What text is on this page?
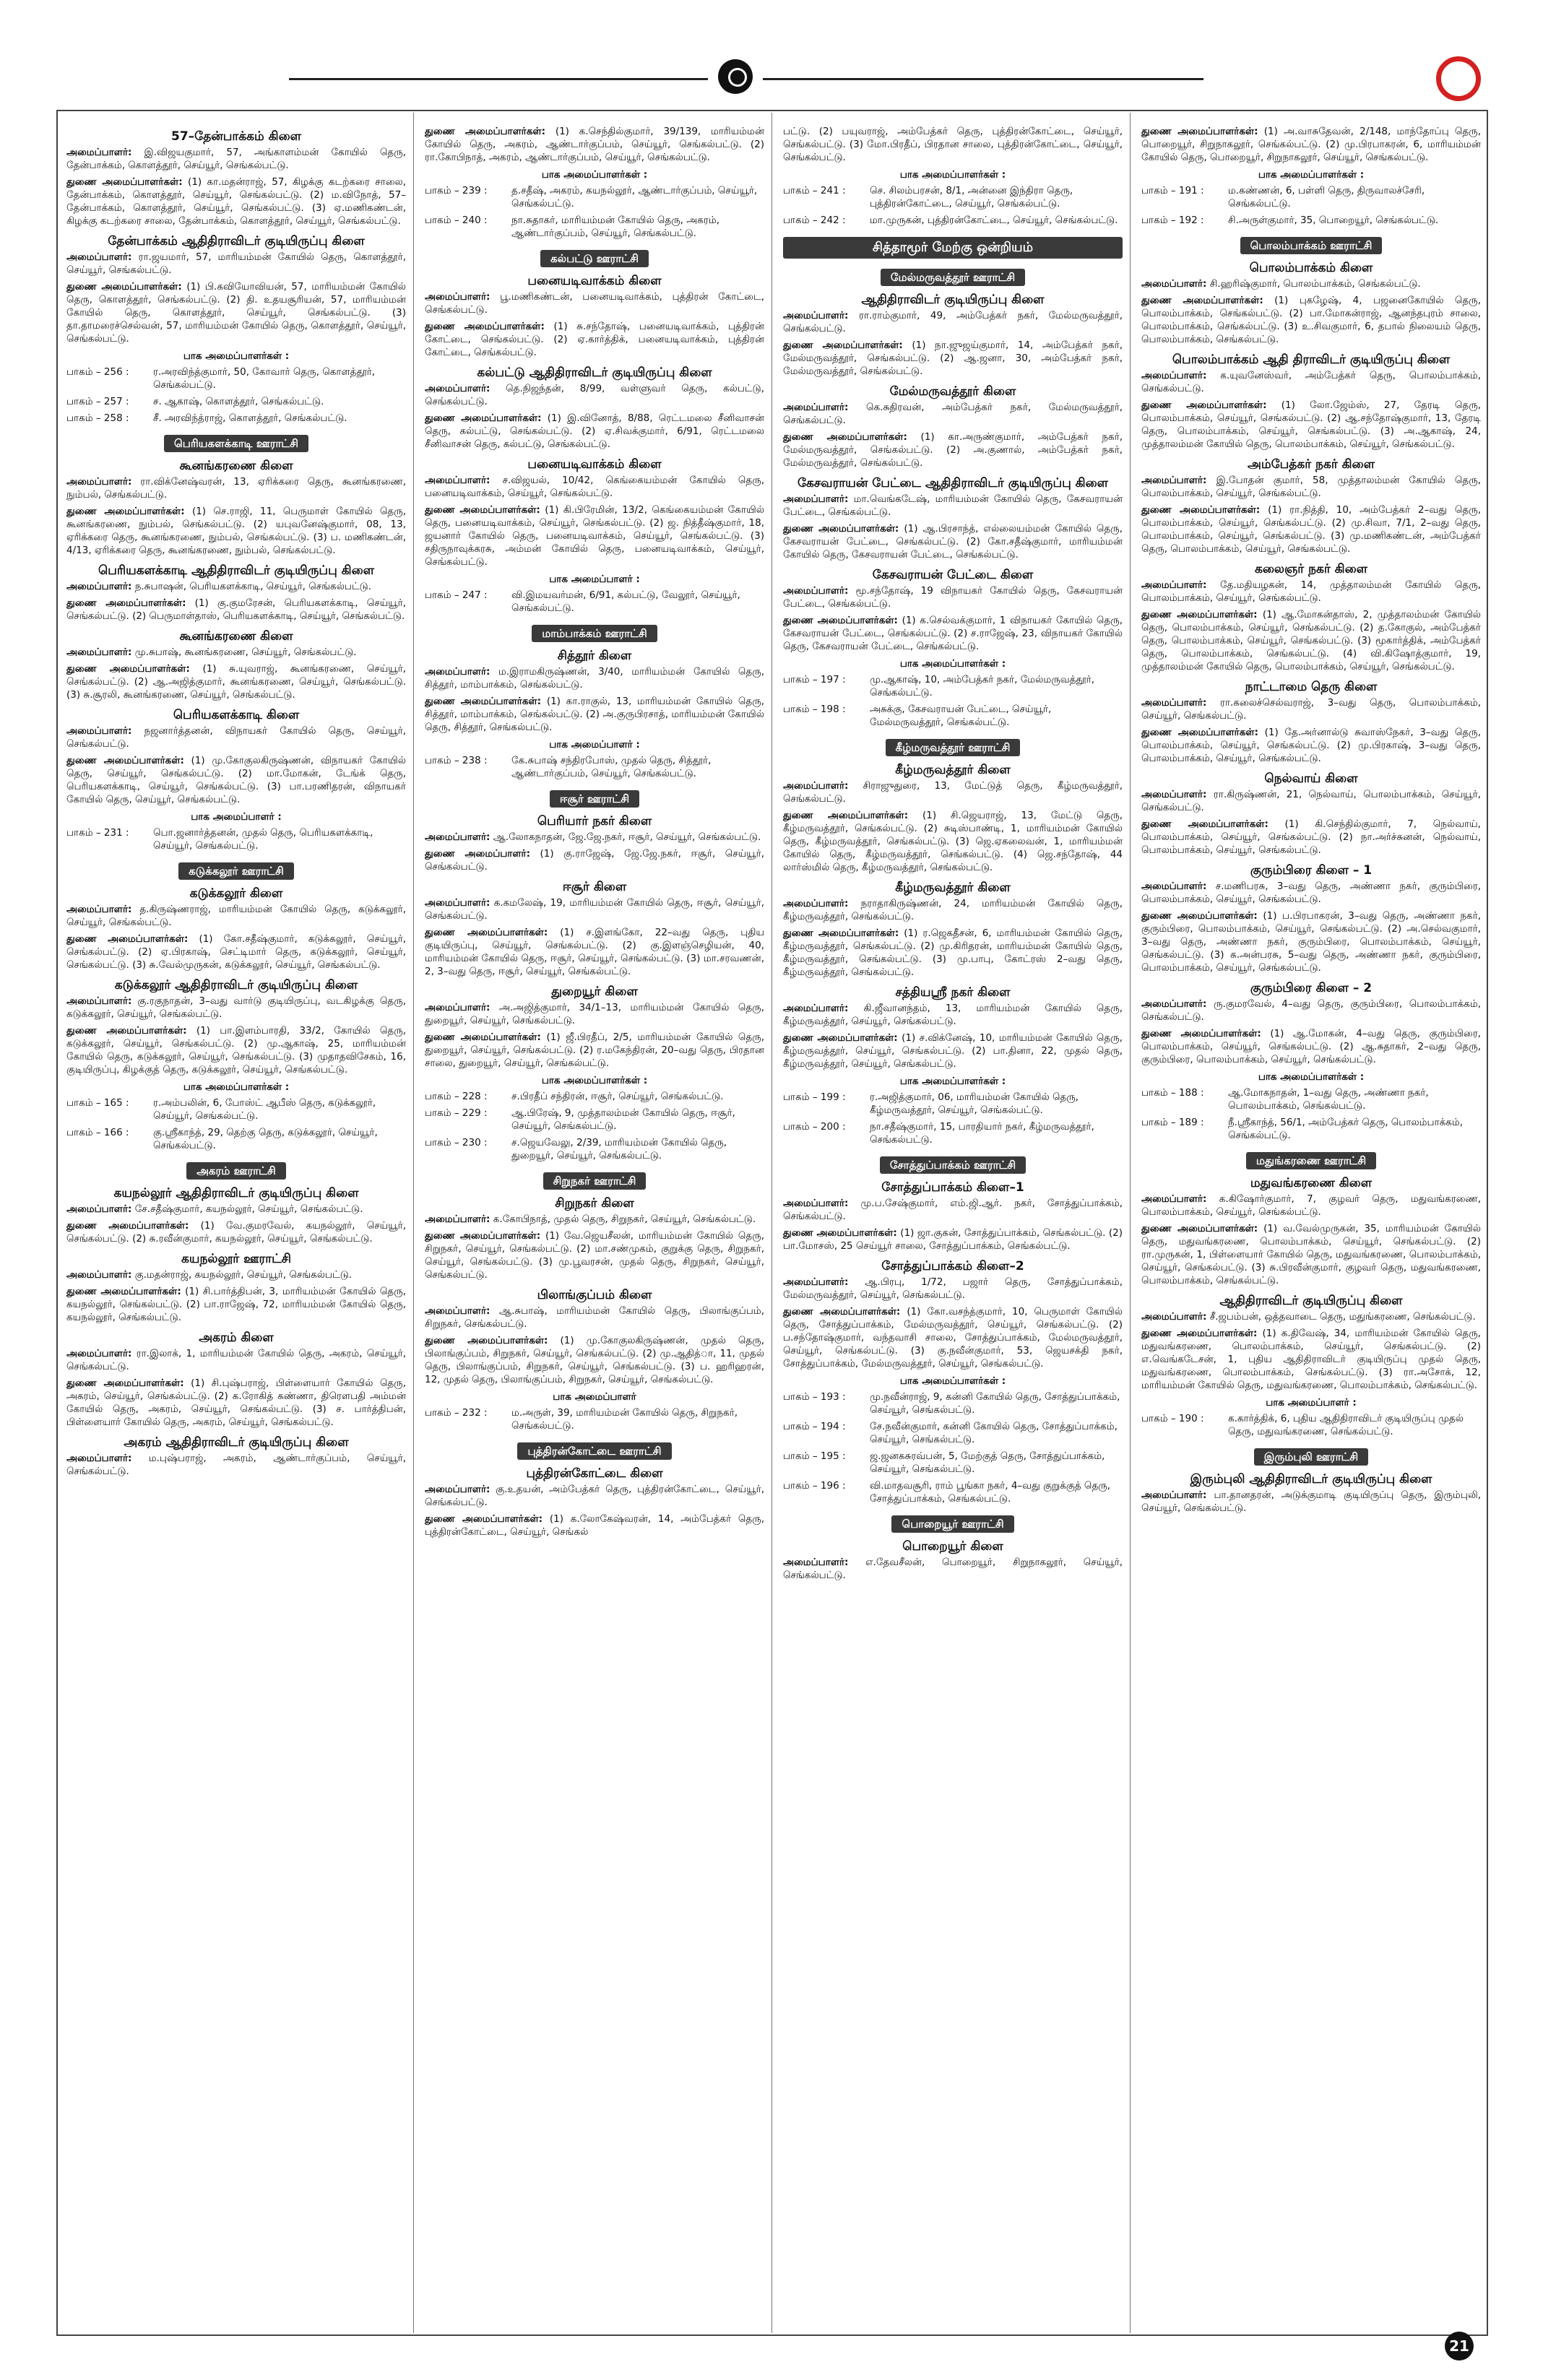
57–தேன்பாக்கம் கிளை

அமைப்பாளர்: இ.விஜயகுமார், 57, அங்காளம்மன் கோயில் தெரு, தேன்பாக்கம், கொளத்தூர், செய்யூர், செங்கல்பட்டு.

துணை அமைப்பாளர்கள்: (1) கா.மதன்ராஜ், 57, கிழக்கு கடற்கரை சாலை, தேன்பாக்கம், கொளத்தூர், செய்யூர், செங்கல்பட்டு. (2) ம.விநோத், 57–தேன்பாக்கம், கொளத்தூர், செய்யூர், செங்கல்பட்டு. (3) ஏ.மணிகண்டன், கிழக்கு கடற்கரை சாலை, தேன்பாக்கம், கொளத்தூர், செய்யூர், செங்கல்பட்டு.

தேன்பாக்கம் ஆதிதிராவிடர் குடியிருப்பு கிளை

அமைப்பாளர்: ரா.ஜயமார், 57, மாரியம்மன் கோயில் தெரு, கொளத்தூர், செய்யூர், செங்கல்பட்டு.

துணை அமைப்பாளர்கள்: (1) பி.கவியோவியன், 57, மாரியம்மன் கோயில் தெரு, கொளத்தூர், செங்கல்பட்டு. (2) தி. உதயசூரியன், 57, மாரியம்மன் கோயில் தெரு, கொளத்தூர், செய்யூர், செங்கல்பட்டு. (3) தா.தாமரைச்செல்வன், 57, மாரியம்மன் கோயில் தெரு, கொளத்தூர், செய்யூர், செங்கல்பட்டு.

பாக அமைப்பாளர்கள் :
பாகம் – 256 :	ர.அரவிந்த்குமார், 50, கோவார் தெரு, கொளத்தூர், செங்கல்பட்டு.
பாகம் – 257 :	ச. ஆகாஷ், கொளத்தூர், செங்கல்பட்டு.
பாகம் – 258 :	சீ. அரவிந்த்ராஜ், கொளத்தூர், செங்கல்பட்டு.
பெரியகளக்காடி ஊராட்சி
கூனங்கரணை கிளை

அமைப்பாளர்: ரா.விக்னேஷ்வரன், 13, ஏரிக்கரை தெரு, கூனங்கரணை, நும்பல், செங்கல்பட்டு.

துணை அமைப்பாளர்கள்: (1) செ.ராஜி, 11, பெருமாள் கோயில் தெரு, கூனங்கரணை, நும்பல், செங்கல்பட்டு. (2) யபுவனேஷ்குமார், 08, 13, ஏரிக்கரை தெரு, கூனங்கரணை, நும்பல், செங்கல்பட்டு. (3) ப. மணிகண்டன், 4/13, ஏரிக்கரை தெரு, கூனங்கரணை, நும்பல், செங்கல்பட்டு.

பெரியகளக்காடி ஆதிதிராவிடர் குடியிருப்பு கிளை

அமைப்பாளர்: ந.சுபாஷன், பெரியகளக்காடி, செய்யூர், செங்கல்பட்டு.

துணை அமைப்பாளர்கள்: (1) கு.குமரேசன், பெரியகளக்காடி, செய்யூர், செங்கல்பட்டு. (2) பெருமாள்தாஸ், பெரியகளக்காடி, செய்யூர், செங்கல்பட்டு.

கூனங்கரணை கிளை

அமைப்பாளர்: மு.சுபாஷ், கூனங்கரணை, செய்யூர், செங்கல்பட்டு.

துணை அமைப்பாளர்கள்: (1) சு.யுவராஜ், கூனங்கரணை, செய்யூர், செங்கல்பட்டு. (2) ஆ.அஜித்குமார், கூனங்கரணை, செய்யூர், செங்கல்பட்டு. (3) சு.சூரலி, கூனங்கரணை, செய்யூர், செங்கல்பட்டு.

பெரியகளக்காடி கிளை

அமைப்பாளர்: நஜனார்த்தனன், விநாயகர் கோயில் தெரு, செய்யூர், செங்கல்பட்டு.

துணை அமைப்பாளர்கள்: (1) மு.கோகுலகிருஷ்ணன், விநாயகர் கோயில் தெரு, செய்யூர், செங்கல்பட்டு. (2) மா.மோகன், டேங்க் தெரு, பெரியகளக்காடி, செய்யூர், செங்கல்பட்டு. (3) பா.பரணிதரன், விநாயகர் கோயில் தெரு, செய்யூர், செங்கல்பட்டு.

பாக அமைப்பாளர் :
பாகம் – 231 :	பொ.ஜனார்த்தனன், முதல் தெரு, பெரியகளக்காடி, செய்யூர், செங்கல்பட்டு.
கடுக்கலூர் ஊராட்சி
கடுக்கலூர் கிளை

அமைப்பாளர்: த.கிருஷ்ணராஜ், மாரியம்மன் கோயில் தெரு, கடுக்கலூர், செய்யூர், செங்கல்பட்டு.

துணை அமைப்பாளர்கள்: (1) கோ.சதீஷ்குமார், கடுக்கலூர், செய்யூர், செங்கல்பட்டு. (2) ஏ.பிரகாஷ், செட்டிமார் தெரு, கடுக்கலூர், செய்யூர், செங்கல்பட்டு. (3) சு.வேல்முருகன், கடுக்கலூர், செய்யூர், செங்கல்பட்டு.

கடுக்கலூர் ஆதிதிராவிடர் குடியிருப்பு கிளை

அமைப்பாளர்: கு.ரகுநாதன், 3–வது வார்டு குடியிருப்பு, வடகிழக்கு தெரு, கடுக்கலூர், செய்யூர், செங்கல்பட்டு.

துணை அமைப்பாளர்கள்: (1) பா.இளம்பாரதி, 33/2, கோயில் தெரு, கடுக்கலூர், செய்யூர், செங்கல்பட்டு. (2) மு.ஆகாஷ், 25, மாரியம்மன் கோயில் தெரு, கடுக்கலூர், செய்யூர், செங்கல்பட்டு. (3) முதாதவிசேகம், 16, குடியிருப்பு, கிழக்குத் தெரு, கடுக்கலூர், செய்யூர், செங்கல்பட்டு.

பாக அமைப்பாளர்கள் :
பாகம் – 165 :	ர.அம்பலின், 6, போஸ்ட் ஆபீஸ் தெரு, கடுக்கலூர், செய்யூர், செங்கல்பட்டு.
பாகம் – 166 :	கு.ஸ்ரீகாந்த், 29, தெற்கு தெரு, கடுக்கலூர், செய்யூர், செங்கல்பட்டு.
அகரம் ஊராட்சி
கயநல்லூர் ஆதிதிராவிடர் குடியிருப்பு கிளை

அமைப்பாளர்: சே.சதீஷ்குமார், கயநல்லூர், செய்யூர், செங்கல்பட்டு.

துணை அமைப்பாளர்கள்: (1) வே.குமரவேல், கயநல்லூர், செய்யூர், செங்கல்பட்டு. (2) சு.ரவீன்குமார், கயநல்லூர், செய்யூர், செங்கல்பட்டு.

கயநல்லூர் ஊராட்சி

அமைப்பாளர்: கு.மதன்ராஜ், கயநல்லூர், செய்யூர், செங்கல்பட்டு.

துணை அமைப்பாளர்கள்: (1) சி.பார்த்திபன், 3, மாரியம்மன் கோயில் தெரு, கயநல்லூர், செங்கல்பட்டு. (2) பா.ராஜேஷ், 72, மாரியம்மன் கோயில் தெரு, கயநல்லூர், செங்கல்பட்டு.

அகரம் கிளை

அமைப்பாளர்: ரா.இலாக், 1, மாரியம்மன் கோயில் தெரு, அகரம், செய்யூர், செங்கல்பட்டு.

துணை அமைப்பாளர்கள்: (1) சி.புஷ்பராஜ், பிள்ளையார் கோயில் தெரு, அகரம், செய்யூர், செங்கல்பட்டு. (2) க.ரோகித் கண்ணா, திரௌபதி அம்மன் கோயில் தெரு, அகரம், செய்யூர், செங்கல்பட்டு. (3) ச. பார்த்திபன், பிள்ளையார் கோயில் தெரு, அகரம், செய்யூர், செங்கல்பட்டு.

அகரம் ஆதிதிராவிடர் குடியிருப்பு கிளை

அமைப்பாளர்: ம.புஷ்பராஜ், அகரம், ஆண்டார்குப்பம், செய்யூர், செங்கல்பட்டு.

துணை அமைப்பாளர்கள்: (1) க.செந்தில்குமார், 39/139, மாரியம்மன் கோயில் தெரு, அகரம், ஆண்டார்குப்பம், செய்யூர், செங்கல்பட்டு. (2) ரா.கோபிநாத், அகரம், ஆண்டார்குப்பம், செய்யூர், செங்கல்பட்டு.

பாக அமைப்பாளர்கள் :
பாகம் – 239 :	த.சதீஷ், அகரம், கயநல்லூர், ஆண்டார்குப்பம், செய்யூர், செங்கல்பட்டு.
பாகம் – 240 :	நா.சுதாகர், மாரியம்மன் கோயில் தெரு, அகரம், ஆண்டார்குப்பம், செய்யூர், செங்கல்பட்டு.
கல்பட்டு ஊராட்சி
பனையடிவாக்கம் கிளை

அமைப்பாளர்: பூ.மணிகண்டன், பனையடிவாக்கம், புத்திரன் கோட்டை, செங்கல்பட்டு.

துணை அமைப்பாளர்கள்: (1) சு.சந்தோஷ், பனையடிவாக்கம், புத்திரன் கோட்டை, செங்கல்பட்டு. (2) ஏ.கார்த்திக், பனையடிவாக்கம், புத்திரன் கோட்டை, செங்கல்பட்டு.

கல்பட்டு ஆதிதிராவிடர் குடியிருப்பு கிளை

அமைப்பாளர்: தெ.நிஜந்தன், 8/99, வள்ளுவர் தெரு, கல்பட்டு, செங்கல்பட்டு.

துணை அமைப்பாளர்கள்: (1) இ.வினோத், 8/88, ரெட்டமலை சீனிவாசன் தெரு, கல்பட்டு, செங்கல்பட்டு. (2) ஏ.சிவக்குமார், 6/91, ரெட்டமலை சீனிவாசன் தெரு, கல்பட்டு, செங்கல்பட்டு.

பனையடிவாக்கம் கிளை

அமைப்பாளர்: ச.விஜயல், 10/42, கெங்கையம்மன் கோயில் தெரு, பனையடிவாக்கம், செய்யூர், செங்கல்பட்டு.

துணை அமைப்பாளர்கள்: (1) கி.பிரேமின், 13/2, கெங்கையம்மன் கோயில் தெரு, பனையடிவாக்கம், செய்யூர், செங்கல்பட்டு. (2) ஜ. நித்தீஷ்குமார், 18, ஜயனார் கோயில் தெரு, பனையடிவாக்கம், செய்யூர், செங்கல்பட்டு. (3) சதிருநாவுக்கரசு, அம்மன் கோயில் தெரு, பனையடிவாக்கம், செய்யூர், செங்கல்பட்டு.

பாக அமைப்பாளர் :
பாகம் – 247 :	வி.இமயவர்மன், 6/91, கல்பட்டு, வேலூர், செய்யூர், செங்கல்பட்டு.
மாம்பாக்கம் ஊராட்சி
சித்தூர் கிளை

அமைப்பாளர்: ம.இராமகிருஷ்ணன், 3/40, மாரியம்மன் கோயில் தெரு, சித்தூர், மாம்பாக்கம், செங்கல்பட்டு.

துணை அமைப்பாளர்கள்: (1) கா.ராகுல், 13, மாரியம்மன் கோயில் தெரு, சித்தூர், மாம்பாக்கம், செங்கல்பட்டு. (2) அ.குருபிரசாத், மாரியம்மன் கோயில் தெரு, சித்தூர், செங்கல்பட்டு.

பாக அமைப்பாளர் :
பாகம் – 238 :	கே.சுபாஷ் சந்திரபோஸ், முதல் தெரு, சித்தூர், ஆண்டார்குப்பம், செய்யூர், செங்கல்பட்டு.
ஈசூர் ஊராட்சி
பெரியார் நகர் கிளை

அமைப்பாளர்: ஆ.லோகநாதன், ஜே.ஜே.நகர், ஈசூர், செய்யூர், செங்கல்பட்டு.

துணை அமைப்பாளர்: (1) கு.ராஜேஷ், ஜே.ஜே.நகர், ஈசூர், செய்யூர், செங்கல்பட்டு.

ஈசூர் கிளை

அமைப்பாளர்: க.கமலேஷ், 19, மாரியம்மன் கோயில் தெரு, ஈசூர், செய்யூர், செங்கல்பட்டு.

துணை அமைப்பாளர்கள்: (1) ச.இளங்கோ, 22–வது தெரு, புதிய குடியிருப்பு, செய்யூர், செங்கல்பட்டு. (2) கு.இளஞ்செழியன், 40, மாரியம்மன் கோயில் தெரு, ஈசூர், செய்யூர், செங்கல்பட்டு. (3) மா.சரவணன், 2, 3–வது தெரு, ஈசூர், செய்யூர், செங்கல்பட்டு.

துறையூர் கிளை

அமைப்பாளர்: அ.அஜித்குமார், 34/1–13, மாரியம்மன் கோயில் தெரு, துறையூர், செய்யூர், செங்கல்பட்டு.

துணை அமைப்பாளர்கள்: (1) ஜீ.பிரதீப், 2/5, மாரியம்மன் கோயில் தெரு, துறையூர், செய்யூர், செங்கல்பட்டு. (2) ர.மகேந்திரன், 20–வது தெரு, பிரதான சாலை, துறையூர், செய்யூர், செங்கல்பட்டு.

பாக அமைப்பாளர்கள் :
பாகம் – 228 :	ச.பிரதீப் சந்திரன், ஈசூர், செய்யூர், செங்கல்பட்டு.
பாகம் – 229 :	ஆ.பிரேஷ், 9, முத்தாலம்மன் கோயில் தெரு, ஈசூர், செய்யூர், செங்கல்பட்டு.
பாகம் – 230 :	ச.ஜெயவேலு, 2/39, மாரியம்மன் கோயில் தெரு, துறையூர், செய்யூர், செங்கல்பட்டு.
சிறுநகர் ஊராட்சி
சிறுநகர் கிளை

அமைப்பாளர்: க.கோபிநாத், முதல் தெரு, சிறுநகர், செய்யூர், செங்கல்பட்டு.

துணை அமைப்பாளர்கள்: (1) வே.ஜெயசீலன், மாரியம்மன் கோயில் தெரு, சிறுநகர், செய்யூர், செங்கல்பட்டு. (2) மா.சண்முகம், குறுக்கு தெரு, சிறுநகர், செய்யூர், செங்கல்பட்டு. (3) மு.பூவரசன், முதல் தெரு, சிறுநகர், செய்யூர், செங்கல்பட்டு.

பிலாங்குப்பம் கிளை

அமைப்பாளர்: ஆ.சுபாஷ், மாரியம்மன் கோயில் தெரு, பிலாங்குப்பம், சிறுநகர், செங்கல்பட்டு.

துணை அமைப்பாளர்கள்: (1) மு.கோகுலகிருஷ்ணன், முதல் தெரு, பிலாங்குப்பம், சிறுநகர், செய்யூர், செங்கல்பட்டு. (2) மு.ஆதித்ா, 11, முதல் தெரு, பிலாங்குப்பம், சிறுநகர், செய்யூர், செங்கல்பட்டு. (3) ப. ஹரிஹரன், 12, முதல் தெரு, பிலாங்குப்பம், சிறுநகர், செய்யூர், செங்கல்பட்டு.

பாக அமைப்பாளர்
பாகம் – 232 :	ம.அருள், 39, மாரியம்மன் கோயில் தெரு, சிறுநகர், செங்கல்பட்டு.
புத்திரன்கோட்டை ஊராட்சி
புத்திரன்கோட்டை கிளை

அமைப்பாளர்: கு.உதயன், அம்பேத்கர் தெரு, புத்திரன்கோட்டை, செய்யூர், செங்கல்பட்டு.

துணை அமைப்பாளர்கள்: (1) க.லோகேஷ்வரன், 14, அம்பேத்கர் தெரு, புத்திரன்கோட்டை, செய்யூர், செங்கல்

பட்டு. (2) பயுவராஜ், அம்பேத்கர் தெரு, புத்திரன்கோட்டை, செய்யூர், செங்கல்பட்டு. (3) மோ.பிரதீப், பிரதான சாலை, புத்திரன்கோட்டை, செய்யூர், செங்கல்பட்டு.

பாக அமைப்பாளர்கள் :
பாகம் – 241 :	செ. சிலம்பரசன், 8/1, அன்னை இந்திரா தெரு, புத்திரன்கோட்டை, செய்யூர், செங்கல்பட்டு.
பாகம் – 242 :	மா.முருகன், புத்திரன்கோட்டை, செய்யூர், செங்கல்பட்டு.
சித்தாமூர் மேற்கு ஒன்றியம்
மேல்மருவத்தூர் ஊராட்சி
ஆதிதிராவிடர் குடியிருப்பு கிளை

அமைப்பாளர்: ரா.ராம்குமார், 49, அம்பேத்கர் நகர், மேல்மருவத்தூர், செங்கல்பட்டு.

துணை அமைப்பாளர்கள்: (1) நா.ஜுஜய்குமார், 14, அம்பேத்கர் நகர், மேல்மருவத்தூர், செங்கல்பட்டு. (2) ஆ.ஜனா, 30, அம்பேத்கர் நகர், மேல்மருவத்தூர், செங்கல்பட்டு.

மேல்மருவத்தூர் கிளை

அமைப்பாளர்: கெ.சுதிரவன், அம்பேத்கர் நகர், மேல்மருவத்தூர், செங்கல்பட்டு.

துணை அமைப்பாளர்கள்: (1) கா.அருண்குமார், அம்பேத்கர் நகர், மேல்மருவத்தூர், செங்கல்பட்டு. (2) அ.குணால், அம்பேத்கர் நகர், மேல்மருவத்தூர், செங்கல்பட்டு.

கேசவராயன் பேட்டை ஆதிதிராவிடர் குடியிருப்பு கிளை

அமைப்பாளர்: மா.வெங்கடேஷ், மாரியம்மன் கோயில் தெரு, கேசவராயன் பேட்டை, செங்கல்பட்டு.

துணை அமைப்பாளர்கள்: (1) ஆ.பிரசாந்த், எல்லையம்மன் கோயில் தெரு, கேசவராயன் பேட்டை, செங்கல்பட்டு. (2) கோ.சதீஷ்குமார், மாரியம்மன் கோயில் தெரு, கேசவராயன் பேட்டை, செங்கல்பட்டு.

கேசவராயன் பேட்டை கிளை

அமைப்பாளர்: மூ.சந்தோஷ், 19 விநாயகர் கோயில் தெரு, கேசவராயன் பேட்டை, செங்கல்பட்டு.

துணை அமைப்பாளர்கள்: (1) க.செல்வக்குமார், 1 விநாயகர் கோயில் தெரு, கேசவராயன் பேட்டை, செங்கல்பட்டு. (2) ச.ராஜேஷ், 23, விநாயகர் கோயில் தெரு, கேசவராயன் பேட்டை, செங்கல்பட்டு.

பாக அமைப்பாளர்கள் :
பாகம் – 197 :	மு.ஆகாஷ், 10, அம்பேத்கர் நகர், மேல்மருவத்தூர், செங்கல்பட்டு.
பாகம் – 198 :	அசுக்கு, கேசவராயன் பேட்டை, செய்யூர், மேல்மருவத்தூர், செங்கல்பட்டு.
கீழ்மருவத்தூர் ஊராட்சி
கீழ்மருவத்தூர் கிளை

அமைப்பாளர்: சிராஜுதுரை, 13, மேட்டுத் தெரு, கீழ்மருவத்தூர், செங்கல்பட்டு.

துணை அமைப்பாளர்கள்: (1) சி.ஜெயராஜ், 13, மேட்டு தெரு, கீழ்மருவத்தூர், செங்கல்பட்டு. (2) சுடிஸ்பாண்டி, 1, மாரியம்மன் கோயில் தெரு, கீழ்மருவத்தூர், செங்கல்பட்டு. (3) ஜெ.ஏகலைவன், 1, மாரியம்மன் கோயில் தெரு, கீழ்மருவத்தூர், செங்கல்பட்டு. (4) ஜெ.சந்தோஷ், 44 லார்ஸ்மில் தெரு, கீழ்மருவத்தூர், செங்கல்பட்டு.

கீழ்மருவத்தூர் கிளை

அமைப்பாளர்: நராதாகிருஷ்ணன், 24, மாரியம்மன் கோயில் தெரு, கீழ்மருவத்தூர், செங்கல்பட்டு.

துணை அமைப்பாளர்கள்: (1) ர.ஜெகதீசன், 6, மாரியம்மன் கோயில் தெரு, கீழ்மருவத்தூர், செங்கல்பட்டு. (2) மு.கிரிதரன், மாரியம்மன் கோயில் தெரு, கீழ்மருவத்தூர், செங்கல்பட்டு. (3) மு.பாபு, கோட்ரஸ் 2–வது தெரு, கீழ்மருவத்தூர், செங்கல்பட்டு.

சத்தியஸ்ரீ நகர் கிளை

அமைப்பாளர்: கி.ஜீவானந்தம், 13, மாரியம்மன் கோயில் தெரு, கீழ்மருவத்தூர், செய்யூர், செங்கல்பட்டு.

துணை அமைப்பாளர்கள்: (1) ச.விக்னேஷ், 10, மாரியம்மன் கோயில் தெரு, கீழ்மருவத்தூர், செய்யூர், செங்கல்பட்டு. (2) பா.தினா, 22, முதல் தெரு, கீழ்மருவத்தூர், செய்யூர், செங்கல்பட்டு.

பாக அமைப்பாளர்கள் :
பாகம் – 199 :	ர.அஜித்குமார், 06, மாரியம்மன் கோயில் தெரு, கீழ்மருவத்தூர், செய்யூர், செங்கல்பட்டு.
பாகம் – 200 :	நா.சதீஷ்குமார், 15, பாரதியார் நகர், கீழ்மருவத்தூர், செங்கல்பட்டு.
சோத்துப்பாக்கம் ஊராட்சி
சோத்துப்பாக்கம் கிளை–1

அமைப்பாளர்: மு.ப.சேஷ்குமார், எம்.ஜி.ஆர். நகர், சோத்துப்பாக்கம், செங்கல்பட்டு.

துணை அமைப்பாளர்கள்: (1) ஜா.குகன், சோத்துப்பாக்கம், செங்கல்பட்டு. (2) பா.மோசஸ், 25 செய்யூர் சாலை, சோத்துப்பாக்கம், செங்கல்பட்டு.

சோத்துப்பாக்கம் கிளை–2

அமைப்பாளர்: ஆ.பிரபு, 1/72, பஜார் தெரு, சோத்துப்பாக்கம், மேல்மருவத்தூர், செய்யூர், செங்கல்பட்டு.

துணை அமைப்பாளர்கள்: (1) கோ.வசந்த்குமார், 10, பெருமாள் கோயில் தெரு, சோத்துப்பாக்கம், மேல்மருவத்தூர், செய்யூர், செங்கல்பட்டு. (2) ப.சந்தோஷ்குமார், வந்தவாசி சாலை, சோத்துப்பாக்கம், மேல்மருவத்தூர், செய்யூர், செங்கல்பட்டு. (3) கு.நவீன்குமார், 53, ஜெயசக்தி நகர், சோத்துப்பாக்கம், மேல்மருவத்தூர், செய்யூர், செங்கல்பட்டு.

பாக அமைப்பாளர்கள் :
பாகம் – 193 :	மு.நவீன்ராஜ், 9, கன்னி கோயில் தெரு, சோத்துப்பாக்கம், செய்யூர், செங்கல்பட்டு.
பாகம் – 194 :	சே.நவீன்குமார், கன்னி கோயில் தெரு, சோத்துப்பாக்கம், செய்யூர், செங்கல்பட்டு.
பாகம் – 195 :	ஜ.ஜனகசுரவ்பன், 5, மேற்குத் தெரு, சோத்துப்பாக்கம், செய்யூர், செங்கல்பட்டு.
பாகம் – 196 :	வி.மாதவசூரி, ராம் பூங்கா நகர், 4–வது குறுக்குத் தெரு, சோத்துப்பாக்கம், செங்கல்பட்டு.
பொறையூர் ஊராட்சி
பொறையூர் கிளை

அமைப்பாளர்: எ.தேவசீலன், பொறையூர், சிறுநாகலூர், செய்யூர், செங்கல்பட்டு.

துணை அமைப்பாளர்கள்: (1) அ.வாசுதேவன், 2/148, மாந்தோப்பு தெரு, பொறையூர், சிறுநாகலூர், செங்கல்பட்டு. (2) மு.பிரபாகரன், 6, மாரியம்மன் கோயில் தெரு, பொறையூர், சிறுநாகலூர், செய்யூர், செங்கல்பட்டு.

பாக அமைப்பாளர்கள் :
பாகம் – 191 :	ம.கண்ணன், 6, பள்ளி தெரு, திருவாலச்சேரி, செங்கல்பட்டு.
பாகம் – 192 :	சி.அருள்குமார், 35, பொறையூர், செங்கல்பட்டு.
பொலம்பாக்கம் ஊராட்சி
பொலம்பாக்கம் கிளை

அமைப்பாளர்: சி.ஹரிஷ்குமார், பொலம்பாக்கம், செங்கல்பட்டு.

துணை அமைப்பாளர்கள்: (1) புகழேஷ், 4, பஜனைகோயில் தெரு, பொலம்பாக்கம், செங்கல்பட்டு. (2) பா.மோகன்ராஜ், ஆனந்தபுரம் சாலை, பொலம்பாக்கம், செங்கல்பட்டு. (3) உ.சிவகுமார், 6, தபால் நிலையம் தெரு, பொலம்பாக்கம், செங்கல்பட்டு.

பொலம்பாக்கம் ஆதி திராவிடர் குடியிருப்பு கிளை

அமைப்பாளர்: க.யுவனேஸ்வர், அம்பேத்கர் தெரு, பொலம்பாக்கம், செங்கல்பட்டு.

துணை அமைப்பாளர்கள்: (1) லோ.ஜேம்ஸ், 27, தேரடி தெரு, பொலம்பாக்கம், செய்யூர், செங்கல்பட்டு. (2) ஆ.சந்தோஷ்குமார், 13, தேரடி தெரு, பொலம்பாக்கம், செய்யூர், செங்கல்பட்டு. (3) அ.ஆகாஷ், 24, முத்தாலம்மன் கோயில் தெரு, பொலம்பாக்கம், செய்யூர், செங்கல்பட்டு.

அம்பேத்கர் நகர் கிளை

அமைப்பாளர்: இ.போதன் குமார், 58, முத்தாலம்மன் கோயில் தெரு, பொலம்பாக்கம், செய்யூர், செங்கல்பட்டு.

துணை அமைப்பாளர்கள்: (1) ரா.நித்தி, 10, அம்பேத்கர் 2–வது தெரு, பொலம்பாக்கம், செய்யூர், செங்கல்பட்டு. (2) மு.சிவா, 7/1, 2–வது தெரு, பொலம்பாக்கம், செய்யூர், செங்கல்பட்டு. (3) மு.மணிகண்டன், அம்பேத்கர் தெரு, பொலம்பாக்கம், செய்யூர், செங்கல்பட்டு.

கலைஞர் நகர் கிளை

அமைப்பாளர்: தே.மதியழகன், 14, முத்தாலம்மன் கோயில் தெரு, பொலம்பாக்கம், செய்யூர், செங்கல்பட்டு.

துணை அமைப்பாளர்கள்: (1) ஆ.மோகன்தாஸ், 2, முத்தாலம்மன் கோயில் தெரு, பொலம்பாக்கம், செய்யூர், செங்கல்பட்டு. (2) த.கோகுல், அம்பேத்கர் தெரு, பொலம்பாக்கம், செய்யூர், செங்கல்பட்டு. (3) மூகார்த்திக், அம்பேத்கர் தெரு, பொலம்பாக்கம், செங்கல்பட்டு. (4) வி.கிஷோத்குமார், 19, முத்தாலம்மன் கோயில் தெரு, பொலம்பாக்கம், செய்யூர், செங்கல்பட்டு.

நாட்டாமை தெரு கிளை

அமைப்பாளர்: ரா.கலைச்செல்வராஜ், 3–வது தெரு, பொலம்பாக்கம், செய்யூர், செங்கல்பட்டு.

துணை அமைப்பாளர்கள்: (1) தே.அர்னால்டு சுவாஸ்நேகர், 3–வது தெரு, பொலம்பாக்கம், செய்யூர், செங்கல்பட்டு. (2) மு.பிரகாஷ், 3–வது தெரு, பொலம்பாக்கம், செய்யூர், செங்கல்பட்டு.

நெல்வாய் கிளை

அமைப்பாளர்: ரா.கிருஷ்ணன், 21, நெல்வாய், பொலம்பாக்கம், செய்யூர், செங்கல்பட்டு.

துணை அமைப்பாளர்கள்: (1) கி.செந்தில்குமார், 7, நெல்வாய், பொலம்பாக்கம், செய்யூர், செங்கல்பட்டு. (2) நா.அர்ச்சுனன், நெல்வாய், பொலம்பாக்கம், செய்யூர், செங்கல்பட்டு.

குரும்பிரை கிளை – 1

அமைப்பாளர்: ச.மணிபரசு, 3–வது தெரு, அண்ணா நகர், குரும்பிரை, பொலம்பாக்கம், செய்யூர், செங்கல்பட்டு.

துணை அமைப்பாளர்கள்: (1) ப.பிரபாகரன், 3–வது தெரு, அண்ணா நகர், குரும்பிரை, பொலம்பாக்கம், செய்யூர், செங்கல்பட்டு. (2) அ.செல்வகுமார், 3–வது தெரு, அண்ணா நகர், குரும்பிரை, பொலம்பாக்கம், செய்யூர், செங்கல்பட்டு. (3) க.அன்பரசு, 5–வது தெரு, அண்ணா நகர், குரும்பிரை, பொலம்பாக்கம், செய்யூர், செங்கல்பட்டு.

குரும்பிரை கிளை – 2

அமைப்பாளர்: ரு.குமரவேல், 4–வது தெரு, குரும்பிரை, பொலம்பாக்கம், செங்கல்பட்டு.

துணை அமைப்பாளர்கள்: (1) ஆ.மோகன், 4–வது தெரு, குரும்பிரை, பொலம்பாக்கம், செய்யூர், செங்கல்பட்டு. (2) ஆ.சுதாகர், 2–வது தெரு, குரும்பிரை, பொலம்பாக்கம், செய்யூர், செங்கல்பட்டு.

பாக அமைப்பாளர்கள் :
பாகம் – 188 :	ஆ.மோகநாதன், 1–வது தெரு, அண்ணா நகர், பொலம்பாக்கம், செங்கல்பட்டு.
பாகம் – 189 :	நீ.ஸ்ரீகாந்த், 56/1, அம்பேத்கர் தெரு, பொலம்பாக்கம், செங்கல்பட்டு.
மதுங்கரணை ஊராட்சி
மதுவங்கரணை கிளை

அமைப்பாளர்: க.கிஷோர்குமார், 7, குழவர் தெரு, மதுவங்கரணை, பொலம்பாக்கம், செய்யூர், செங்கல்பட்டு.

துணை அமைப்பாளர்கள்: (1) வ.வேல்முருகன், 35, மாரியம்மன் கோயில் தெரு, மதுவங்கரணை, பொலம்பாக்கம், செய்யூர், செங்கல்பட்டு. (2) ரா.முருகன், 1, பிள்ளையார் கோயில் தெரு, மதுவங்கரணை, பொலம்பாக்கம், செய்யூர், செங்கல்பட்டு. (3) சு.பிரவீன்குமார், குழவர் தெரு, மதுவங்கரணை, பொலம்பாக்கம், செங்கல்பட்டு.

ஆதிதிராவிடர் குடியிருப்பு கிளை

அமைப்பாளர்: சீ.ஜபம்பன், ஒத்தவாடை தெரு, மதுங்கரணை, செங்கல்பட்டு.

துணை அமைப்பாளர்கள்: (1) க.திவேஷ், 34, மாரியம்மன் கோயில் தெரு, மதுவங்கரணை, பொலம்பாக்கம், செய்யூர், செங்கல்பட்டு. (2) எ.வெங்கடேசன், 1, புதிய ஆதிதிராவிடர் குடியிருப்பு முதல் தெரு, மதுவங்கரணை, பொலம்பாக்கம், செங்கல்பட்டு. (3) ரா.அசோக், 12, மாரியம்மன் கோயில் தெரு, மதுவங்கரணை, பொலம்பாக்கம், செங்கல்பட்டு.

பாக அமைப்பாளர் :
பாகம் – 190 :	க.கார்த்திக், 6, புதிய ஆதிதிராவிடர் குடியிருப்பு முதல் தெரு, மதுவங்கரணை, செங்கல்பட்டு.
இரும்புலி ஊராட்சி
இரும்புலி ஆதிதிராவிடர் குடியிருப்பு கிளை

அமைப்பாளர்: பா.தானதரன், அடுக்குமாடி குடியிருப்பு தெரு, இரும்புலி, செய்யூர், செங்கல்பட்டு.

21
